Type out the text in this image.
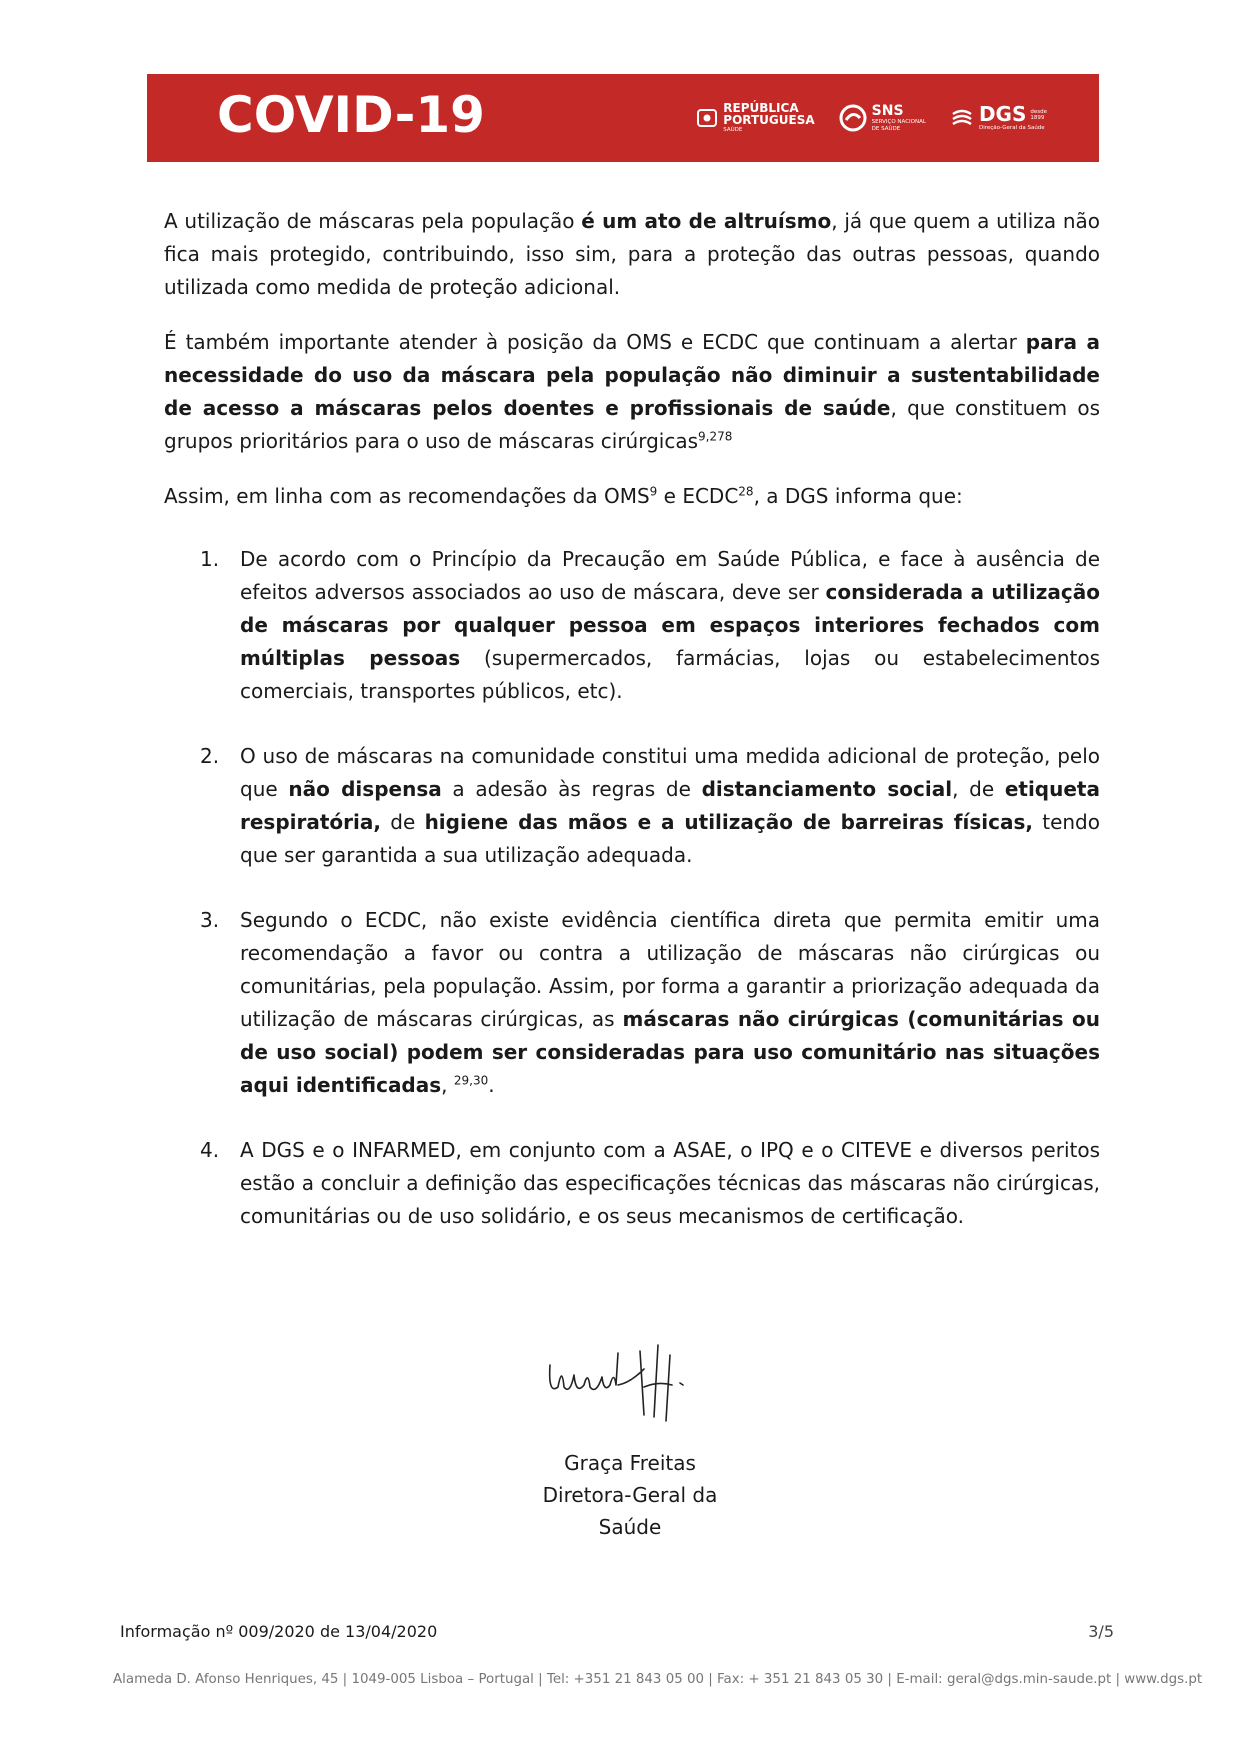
COVID-19	REPÚBLICA
PORTUGUESA
SAÚDE
SNS
SERVIÇO NACIONAL
DE SAÚDE
DGS desde
1899
Direção-Geral da Saúde

A utilização de máscaras pela população é um ato de altruísmo, já que quem a utiliza não fica mais protegido, contribuindo, isso sim, para a proteção das outras pessoas, quando utilizada como medida de proteção adicional.

É também importante atender à posição da OMS e ECDC que continuam a alertar para a necessidade do uso da máscara pela população não diminuir a sustentabilidade de acesso a máscaras pelos doentes e profissionais de saúde, que constituem os grupos prioritários para o uso de máscaras cirúrgicas$^{9,278}$

Assim, em linha com as recomendações da OMS$^9$ e ECDC$^{28}$, a DGS informa que:

1. De acordo com o Princípio da Precaução em Saúde Pública, e face à ausência de efeitos adversos associados ao uso de máscara, deve ser considerada a utilização de máscaras por qualquer pessoa em espaços interiores fechados com múltiplas pessoas (supermercados, farmácias, lojas ou estabelecimentos comerciais, transportes públicos, etc).
2. O uso de máscaras na comunidade constitui uma medida adicional de proteção, pelo que não dispensa a adesão às regras de distanciamento social, de etiqueta respiratória, de higiene das mãos e a utilização de barreiras físicas, tendo que ser garantida a sua utilização adequada.
3. Segundo o ECDC, não existe evidência científica direta que permita emitir uma recomendação a favor ou contra a utilização de máscaras não cirúrgicas ou comunitárias, pela população. Assim, por forma a garantir a priorização adequada da utilização de máscaras cirúrgicas, as máscaras não cirúrgicas (comunitárias ou de uso social) podem ser consideradas para uso comunitário nas situações aqui identificadas, $^{29,30}$.
4. A DGS e o INFARMED, em conjunto com a ASAE, o IPQ e o CITEVE e diversos peritos estão a concluir a definição das especificações técnicas das máscaras não cirúrgicas, comunitárias ou de uso solidário, e os seus mecanismos de certificação.
Graça Freitas
Diretora-Geral da Saúde
Informação nº 009/2020 de 13/04/2020	3/5
Alameda D. Afonso Henriques, 45 | 1049-005 Lisboa – Portugal | Tel: +351 21 843 05 00 | Fax: + 351 21 843 05 30 | E-mail: geral@dgs.min-saude.pt | www.dgs.pt
